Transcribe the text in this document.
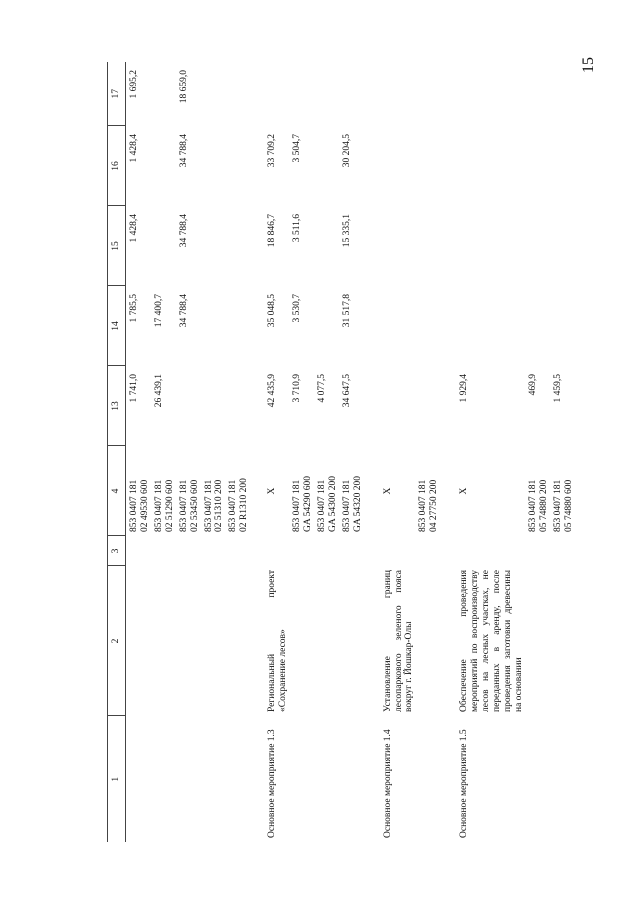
15
1	2	3	4	13	14	15	16	17

			853 0407 181 02 49530 600	1 741,0	1 785,5	1 428,4	1 428,4	1 695,2

			853 0407 181 02 51290 600	26 439,1	17 400,7			

			853 0407 181 02 53450 600		34 788,4	34 788,4	34 788,4	18 659,0

			853 0407 181 02 51310 200					

			853 0407 181 02 R1310 200					

Основное мероприятие 1.3	Региональный проект «Сохранение лесов»		X	42 435,9	35 048,5	18 846,7	33 709,2	

			853 0407 181 GA 54290 600	3 710,9	3 530,7	3 511,6	3 504,7	

			853 0407 181 GA 54300 200	4 077,5				

			853 0407 181 GA 54320 200	34 647,5	31 517,8	15 335,1	30 204,5	

Основное мероприятие 1.4	Установление границ лесопаркового зеленого пояса вокруг г. Йошкар-Олы		X					

			853 0407 181 04 27750 200					

Основное мероприятие 1.5	Обеспечение проведения мероприятий по воспроизводству лесов на лесных участках, не переданных в аренду, после проведения заготовки древесины на основании		X	1 929,4				

			853 0407 181 05 74880 200	469,9				

			853 0407 181 05 74880 600	1 459,5				
